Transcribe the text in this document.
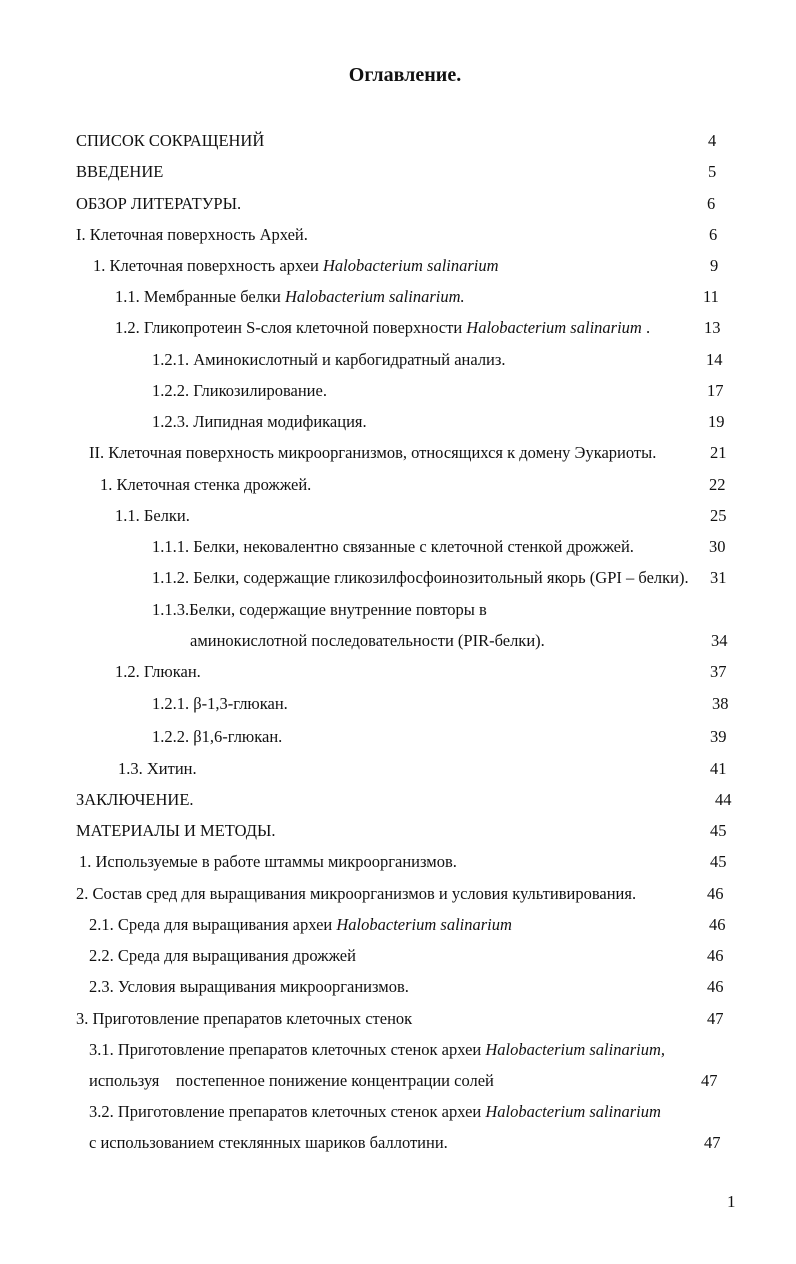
Оглавление.
СПИСОК СОКРАЩЕНИЙ	4
ВВЕДЕНИЕ	5
ОБЗОР ЛИТЕРАТУРЫ.	6
I. Клеточная поверхность Архей.	6
1. Клеточная поверхность археи Halobacterium salinarium	9
1.1. Мембранные белки Halobacterium salinarium.	11
1.2. Гликопротеин S-слоя клеточной поверхности Halobacterium salinarium .	13
1.2.1. Аминокислотный и карбогидратный анализ.	14
1.2.2. Гликозилирование.	17
1.2.3. Липидная модификация.	19
II. Клеточная поверхность микроорганизмов, относящихся к домену Эукариоты.	21
1. Клеточная стенка дрожжей.	22
1.1. Белки.	25
1.1.1. Белки, нековалентно связанные с клеточной стенкой дрожжей.	30
1.1.2. Белки, содержащие гликозилфосфоинозитольный якорь (GPI – белки). 31
1.1.3.Белки, содержащие внутренние повторы в
аминокислотной последовательности (PIR-белки).	34
1.2. Глюкан.	37
1.2.1. β-1,3-глюкан.	38
1.2.2. β1,6-глюкан.	39
1.3. Хитин.	41
ЗАКЛЮЧЕНИЕ.	44
МАТЕРИАЛЫ И МЕТОДЫ.	45
1. Используемые в работе штаммы микроорганизмов.	45
2. Состав сред для выращивания микроорганизмов и условия культивирования.	46
2.1. Среда для выращивания археи Halobacterium salinarium	46
2.2. Среда для выращивания дрожжей	46
2.3. Условия выращивания микроорганизмов.	46
3. Приготовление препаратов клеточных стенок	47
3.1. Приготовление препаратов клеточных стенок археи Halobacterium salinarium,
используя    постепенное понижение концентрации солей	47
3.2. Приготовление препаратов клеточных стенок археи Halobacterium salinarium
с использованием стеклянных шариков баллотини.	47
1
